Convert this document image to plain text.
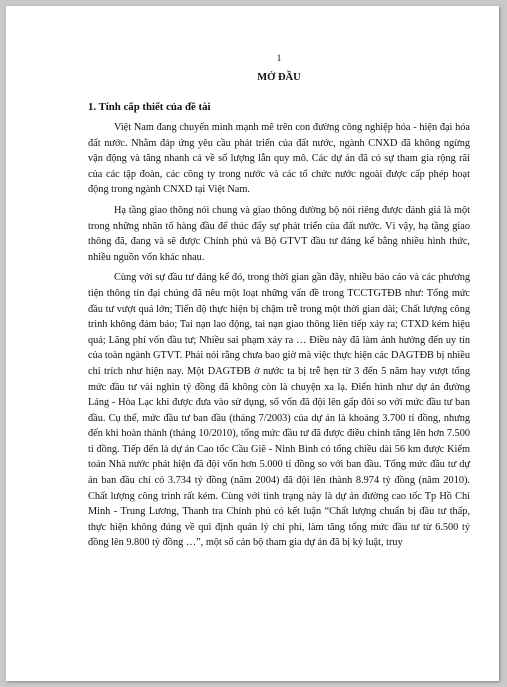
1
MỞ ĐẦU
1. Tính cấp thiết của đề tài

Việt Nam đang chuyển mình mạnh mẽ trên con đường công nghiệp hóa - hiện đại hóa đất nước. Nhằm đáp ứng yêu cầu phát triển của đất nước, ngành CNXD đã không ngừng vận động và tăng nhanh cả về số lượng lẫn quy mô. Các dự án đã có sự tham gia rộng rãi của các tập đoàn, các công ty trong nước và các tổ chức nước ngoài được cấp phép hoạt động trong ngành CNXD tại Việt Nam.

Hạ tầng giao thông nói chung và giao thông đường bộ nói riêng được đánh giá là một trong những nhân tố hàng đầu để thúc đẩy sự phát triển của đất nước. Vì vậy, hạ tầng giao thông đã, đang và sẽ được Chính phủ và Bộ GTVT đầu tư đáng kể bằng nhiều hình thức, nhiều nguồn vốn khác nhau.

Cùng với sự đầu tư đáng kể đó, trong thời gian gần đây, nhiều báo cáo và các phương tiện thông tin đại chúng đã nêu một loạt những vấn đề trong TCCTGTĐB như: Tổng mức đầu tư vượt quá lớn; Tiến độ thực hiện bị chậm trễ trong một thời gian dài; Chất lượng công trình không đảm bảo; Tai nạn lao động, tai nạn giao thông liên tiếp xảy ra; CTXD kém hiệu quả; Lãng phí vốn đầu tư; Nhiều sai phạm xảy ra … Điều này đã làm ảnh hưởng đến uy tín của toàn ngành GTVT. Phải nói rằng chưa bao giờ mà việc thực hiện các DAGTĐB bị nhiều chỉ trích như hiện nay. Một DAGTĐB ở nước ta bị trễ hẹn từ 3 đến 5 năm hay vượt tổng mức đầu tư vài nghìn tỷ đồng đã không còn là chuyện xa lạ. Điển hình như dự án đường Láng - Hòa Lạc khi được đưa vào sử dụng, số vốn đã đội lên gấp đôi so với mức đầu tư ban đầu. Cụ thể, mức đầu tư ban đầu (tháng 7/2003) của dự án là khoảng 3.700 tỉ đồng, nhưng đến khi hoàn thành (tháng 10/2010), tổng mức đầu tư đã được điều chỉnh tăng lên hơn 7.500 tỉ đồng. Tiếp đến là dự án Cao tốc Cầu Giẽ - Ninh Bình có tổng chiều dài 56 km được Kiểm toán Nhà nước phát hiện đã đội vốn hơn 5.000 tỉ đồng so với ban đầu. Tổng mức đầu tư dự án ban đầu chỉ có 3.734 tỷ đồng (năm 2004) đã đội lên thành 8.974 tỷ đồng (năm 2010). Chất lượng công trình rất kém. Cùng với tình trạng này là dự án đường cao tốc Tp Hồ Chí Minh - Trung Lương, Thanh tra Chính phủ có kết luận “Chất lượng chuẩn bị đầu tư thấp, thực hiện không đúng về qui định quản lý chi phí, làm tăng tổng mức đầu tư từ 6.500 tỷ đồng lên 9.800 tỷ đồng …”, một số cán bộ tham gia dự án đã bị kỷ luật, truy
